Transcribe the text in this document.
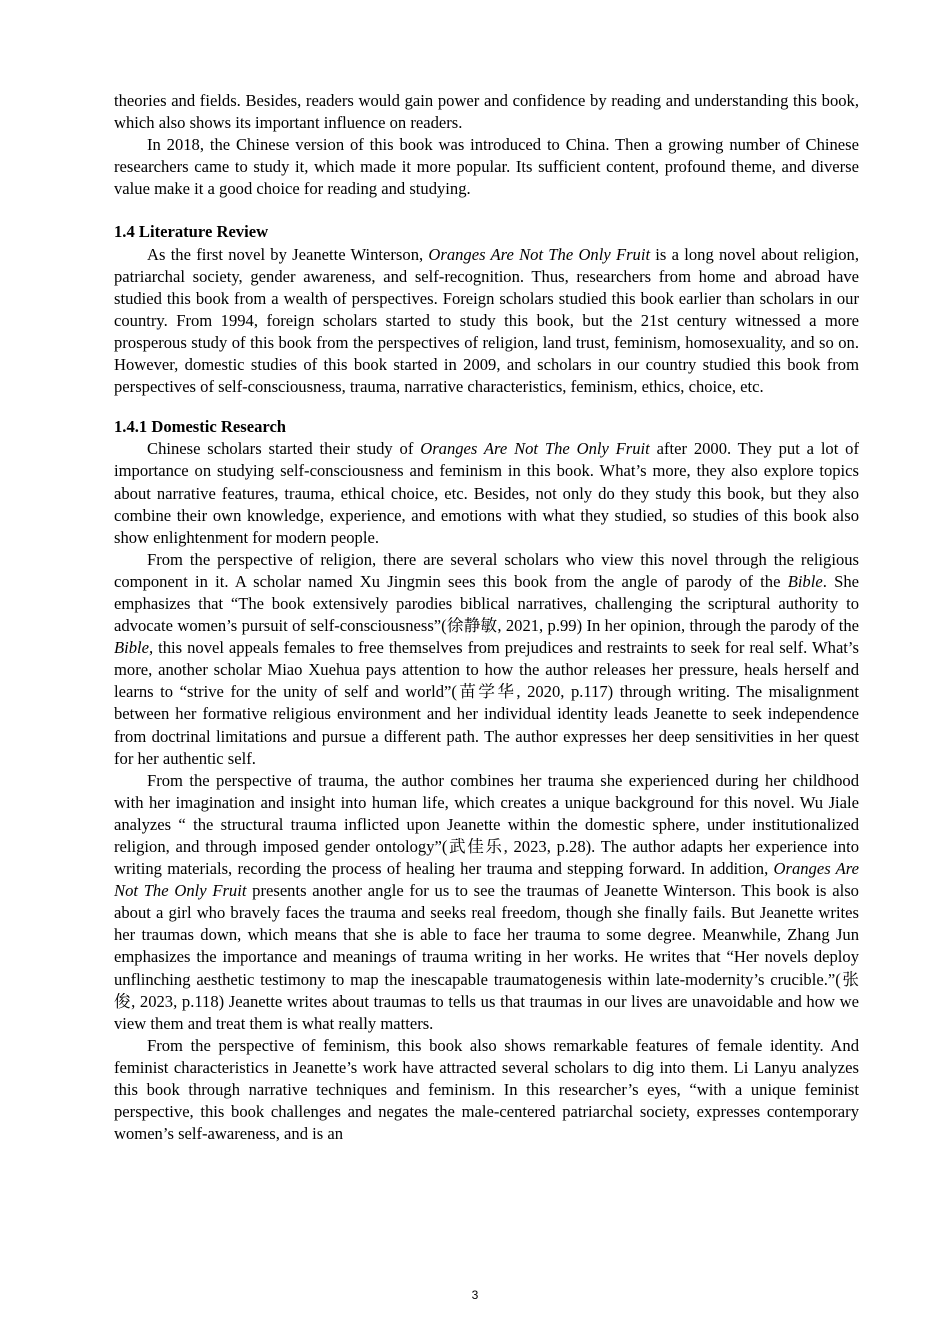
theories and fields. Besides, readers would gain power and confidence by reading and understanding this book, which also shows its important influence on readers.

In 2018, the Chinese version of this book was introduced to China. Then a growing number of Chinese researchers came to study it, which made it more popular. Its sufficient content, profound theme, and diverse value make it a good choice for reading and studying.

1.4 Literature Review

As the first novel by Jeanette Winterson, Oranges Are Not The Only Fruit is a long novel about religion, patriarchal society, gender awareness, and self-recognition. Thus, researchers from home and abroad have studied this book from a wealth of perspectives. Foreign scholars studied this book earlier than scholars in our country. From 1994, foreign scholars started to study this book, but the 21st century witnessed a more prosperous study of this book from the perspectives of religion, land trust, feminism, homosexuality, and so on. However, domestic studies of this book started in 2009, and scholars in our country studied this book from perspectives of self-consciousness, trauma, narrative characteristics, feminism, ethics, choice, etc.

1.4.1 Domestic Research

Chinese scholars started their study of Oranges Are Not The Only Fruit after 2000. They put a lot of importance on studying self-consciousness and feminism in this book. What’s more, they also explore topics about narrative features, trauma, ethical choice, etc. Besides, not only do they study this book, but they also combine their own knowledge, experience, and emotions with what they studied, so studies of this book also show enlightenment for modern people.

From the perspective of religion, there are several scholars who view this novel through the religious component in it. A scholar named Xu Jingmin sees this book from the angle of parody of the Bible. She emphasizes that “The book extensively parodies biblical narratives, challenging the scriptural authority to advocate women’s pursuit of self-consciousness”(徐静敏, 2021, p.99) In her opinion, through the parody of the Bible, this novel appeals females to free themselves from prejudices and restraints to seek for real self. What’s more, another scholar Miao Xuehua pays attention to how the author releases her pressure, heals herself and learns to “strive for the unity of self and world”(苗学华, 2020, p.117) through writing. The misalignment between her formative religious environment and her individual identity leads Jeanette to seek independence from doctrinal limitations and pursue a different path. The author expresses her deep sensitivities in her quest for her authentic self.

From the perspective of trauma, the author combines her trauma she experienced during her childhood with her imagination and insight into human life, which creates a unique background for this novel. Wu Jiale analyzes “ the structural trauma inflicted upon Jeanette within the domestic sphere, under institutionalized religion, and through imposed gender ontology”(武佳乐, 2023, p.28). The author adapts her experience into writing materials, recording the process of healing her trauma and stepping forward. In addition, Oranges Are Not The Only Fruit presents another angle for us to see the traumas of Jeanette Winterson. This book is also about a girl who bravely faces the trauma and seeks real freedom, though she finally fails. But Jeanette writes her traumas down, which means that she is able to face her trauma to some degree. Meanwhile, Zhang Jun emphasizes the importance and meanings of trauma writing in her works. He writes that “Her novels deploy unflinching aesthetic testimony to map the inescapable traumatogenesis within late-modernity’s crucible.”(张俊, 2023, p.118) Jeanette writes about traumas to tells us that traumas in our lives are unavoidable and how we view them and treat them is what really matters.

From the perspective of feminism, this book also shows remarkable features of female identity. And feminist characteristics in Jeanette’s work have attracted several scholars to dig into them. Li Lanyu analyzes this book through narrative techniques and feminism. In this researcher’s eyes, “with a unique feminist perspective, this book challenges and negates the male-centered patriarchal society, expresses contemporary women’s self-awareness, and is an

3
